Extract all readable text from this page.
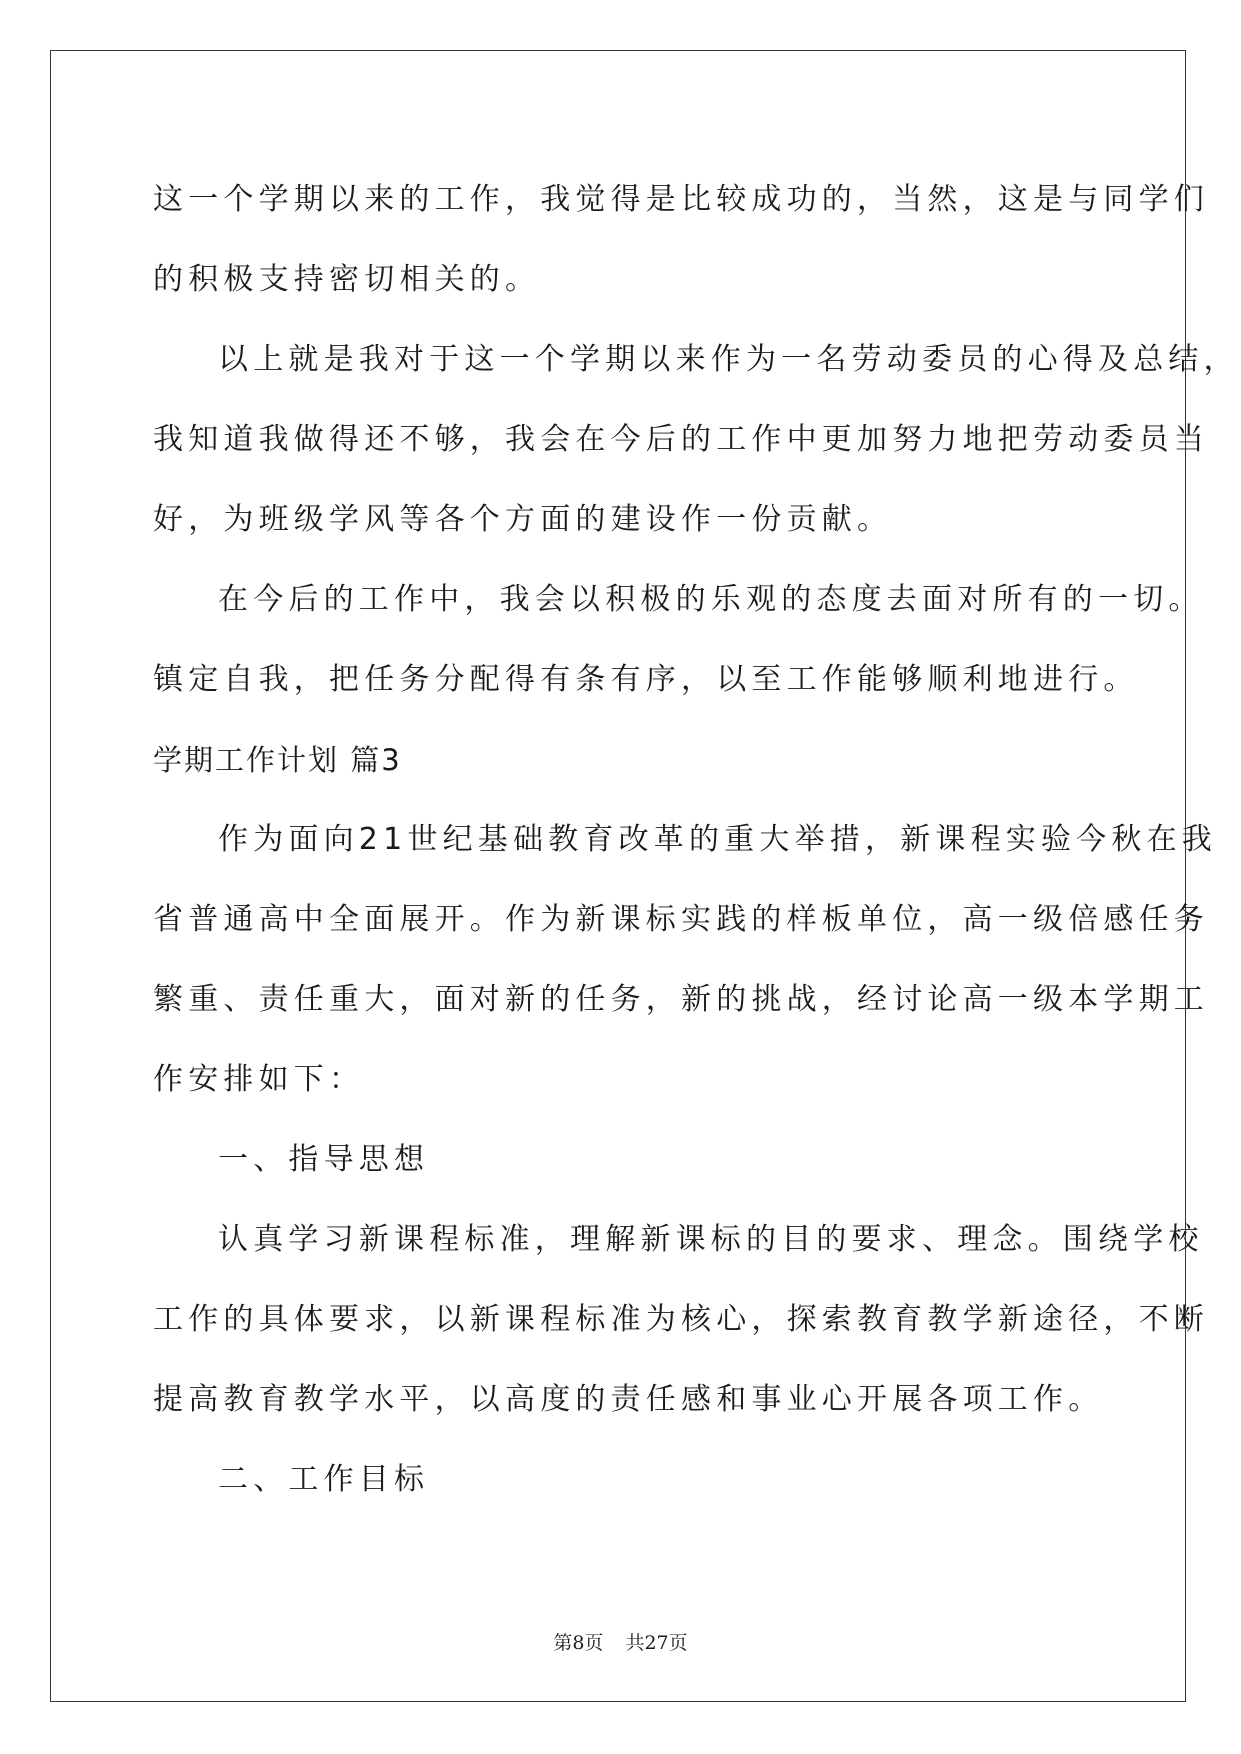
这一个学期以来的工作，我觉得是比较成功的，当然，这是与同学们
的积极支持密切相关的。
以上就是我对于这一个学期以来作为一名劳动委员的心得及总结，
我知道我做得还不够，我会在今后的工作中更加努力地把劳动委员当
好，为班级学风等各个方面的建设作一份贡献。
在今后的工作中，我会以积极的乐观的态度去面对所有的一切。
镇定自我，把任务分配得有条有序，以至工作能够顺利地进行。
学期工作计划 篇3
作为面向21世纪基础教育改革的重大举措，新课程实验今秋在我
省普通高中全面展开。作为新课标实践的样板单位，高一级倍感任务
繁重、责任重大，面对新的任务，新的挑战，经讨论高一级本学期工
作安排如下：
一、指导思想
认真学习新课程标准，理解新课标的目的要求、理念。围绕学校
工作的具体要求，以新课程标准为核心，探索教育教学新途径，不断
提高教育教学水平，以高度的责任感和事业心开展各项工作。
二、工作目标
第8页 共27页
